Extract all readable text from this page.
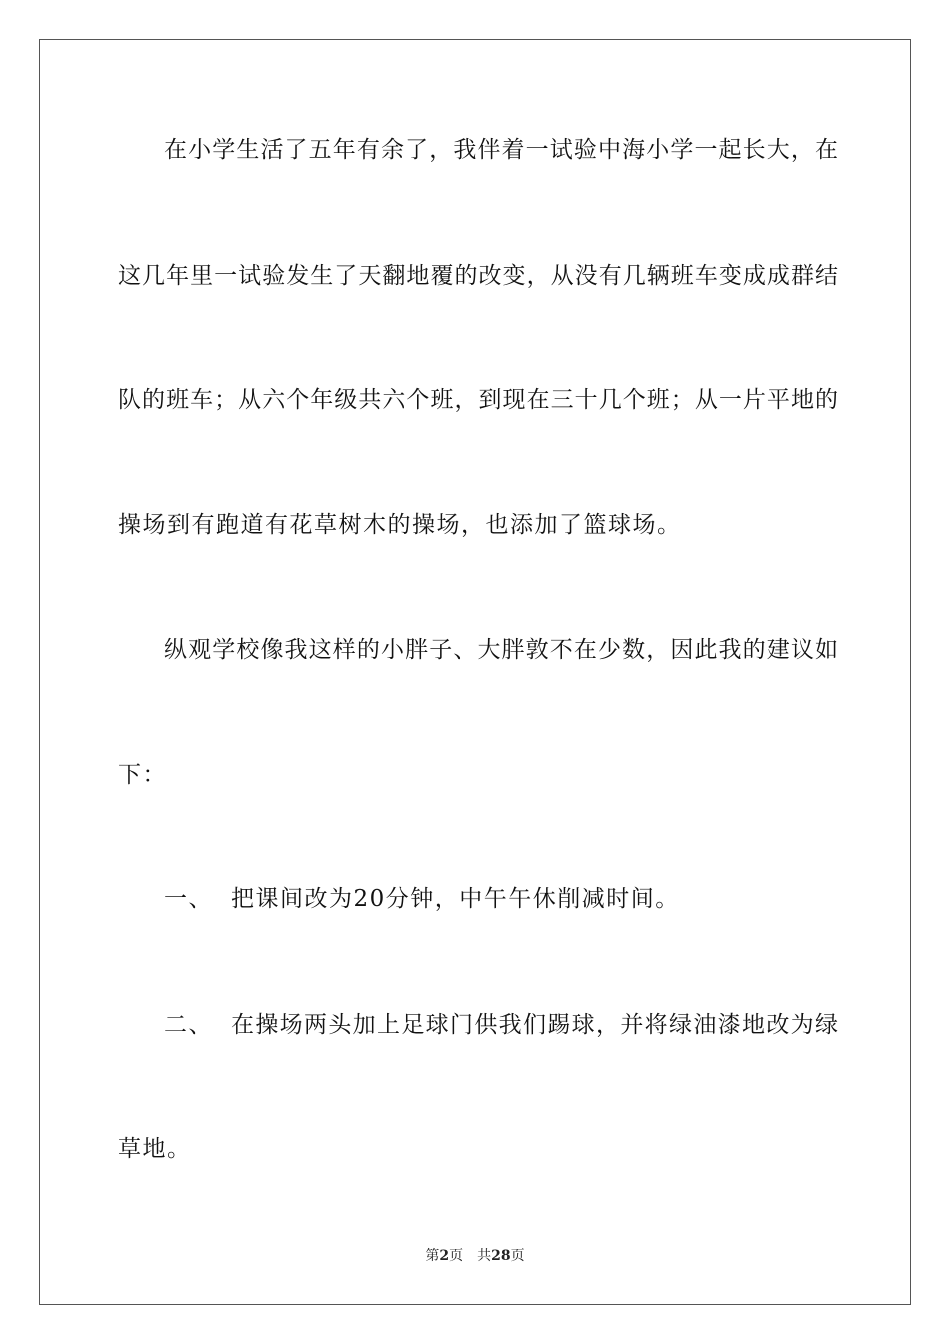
在小学生活了五年有余了，我伴着一试验中海小学一起长大，在
这几年里一试验发生了天翻地覆的改变，从没有几辆班车变成成群结
队的班车；从六个年级共六个班，到现在三十几个班；从一片平地的
操场到有跑道有花草树木的操场，也添加了篮球场。
纵观学校像我这样的小胖子、大胖敦不在少数，因此我的建议如
下：
一、 把课间改为20分钟，中午午休削减时间。
二、 在操场两头加上足球门供我们踢球，并将绿油漆地改为绿
草地。
第2页 共28页
